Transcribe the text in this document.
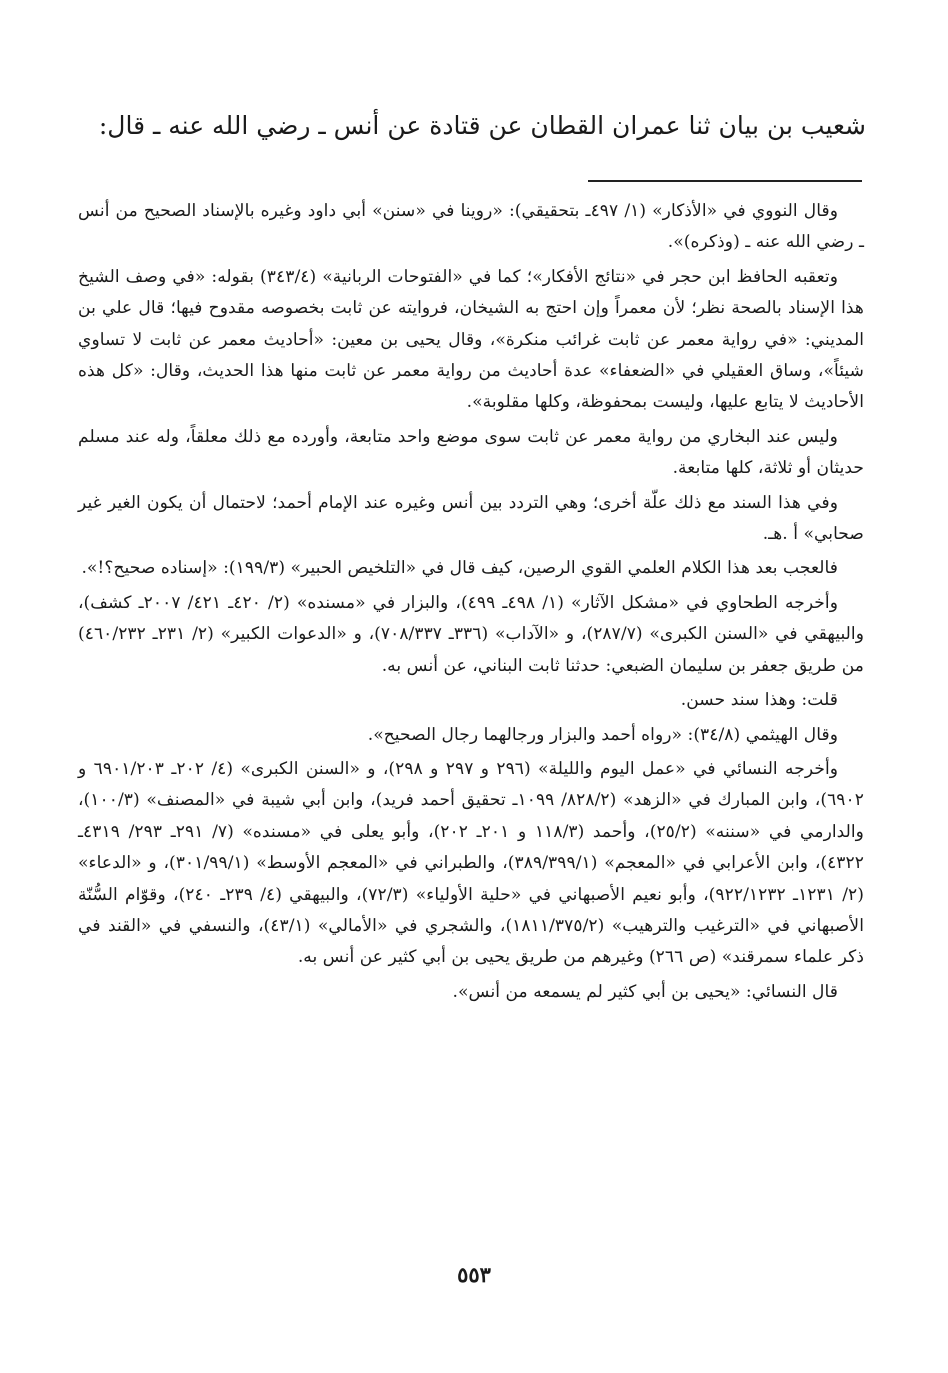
شعيب بن بيان ثنا عمران القطان عن قتادة عن أنس ـ رضي الله عنه ـ قال:

وقال النووي في «الأذكار» (١/ ٤٩٧ـ بتحقيقي): «روينا في «سنن» أبي داود وغيره بالإسناد الصحيح من أنس ـ رضي الله عنه ـ (وذكره)».

وتعقبه الحافظ ابن حجر في «نتائج الأفكار»؛ كما في «الفتوحات الربانية» (٣٤٣/٤) بقوله: «في وصف الشيخ هذا الإسناد بالصحة نظر؛ لأن معمراً وإن احتج به الشيخان، فروايته عن ثابت بخصوصه مقدوح فيها؛ قال علي بن المديني: «في رواية معمر عن ثابت غرائب منكرة»، وقال يحيى بن معين: «أحاديث معمر عن ثابت لا تساوي شيئاً»، وساق العقيلي في «الضعفاء» عدة أحاديث من رواية معمر عن ثابت منها هذا الحديث، وقال: «كل هذه الأحاديث لا يتابع عليها، وليست بمحفوظة، وكلها مقلوبة».

وليس عند البخاري من رواية معمر عن ثابت سوى موضع واحد متابعة، وأورده مع ذلك معلقاً، وله عند مسلم حديثان أو ثلاثة، كلها متابعة.

وفي هذا السند مع ذلك علّة أخرى؛ وهي التردد بين أنس وغيره عند الإمام أحمد؛ لاحتمال أن يكون الغير غير صحابي» أ .هـ.

فالعجب بعد هذا الكلام العلمي القوي الرصين، كيف قال في «التلخيص الحبير» (١٩٩/٣): «إسناده صحيح؟!».

وأخرجه الطحاوي في «مشكل الآثار» (١/ ٤٩٨ـ ٤٩٩)، والبزار في «مسنده» (٢/ ٤٢٠ـ ٤٢١/ ٢٠٠٧ـ كشف)، والبيهقي في «السنن الكبرى» (٢٨٧/٧)، و «الآداب» (٣٣٦ـ ٧٠٨/٣٣٧)، و «الدعوات الكبير» (٢/ ٢٣١ـ ٤٦٠/٢٣٢) من طريق جعفر بن سليمان الضبعي: حدثنا ثابت البناني، عن أنس به.

قلت: وهذا سند حسن.

وقال الهيثمي (٣٤/٨): «رواه أحمد والبزار ورجالهما رجال الصحيح».

وأخرجه النسائي في «عمل اليوم والليلة» (٢٩٦ و ٢٩٧ و ٢٩٨)، و «السنن الكبرى» (٤/ ٢٠٢ـ ٦٩٠١/٢٠٣ و ٦٩٠٢)، وابن المبارك في «الزهد» (٨٢٨/٢/ ١٠٩٩ـ تحقيق أحمد فريد)، وابن أبي شيبة في «المصنف» (١٠٠/٣)، والدارمي في «سننه» (٢٥/٢)، وأحمد (١١٨/٣ و ٢٠١ـ ٢٠٢)، وأبو يعلى في «مسنده» (٧/ ٢٩١ـ ٢٩٣/ ٤٣١٩ـ ٤٣٢٢)، وابن الأعرابي في «المعجم» (٣٨٩/٣٩٩/١)، والطبراني في «المعجم الأوسط» (٣٠١/٩٩/١)، و «الدعاء» (٢/ ١٢٣١ـ ٩٢٢/١٢٣٢)، وأبو نعيم الأصبهاني في «حلية الأولياء» (٧٢/٣)، والبيهقي (٤/ ٢٣٩ـ ٢٤٠)، وقوّام السُّنّة الأصبهاني في «الترغيب والترهيب» (١٨١١/٣٧٥/٢)، والشجري في «الأمالي» (٤٣/١)، والنسفي في «القند في ذكر علماء سمرقند» (ص ٢٦٦) وغيرهم من طريق يحيى بن أبي كثير عن أنس به.

قال النسائي: «يحيى بن أبي كثير لم يسمعه من أنس».

٥٥٣
